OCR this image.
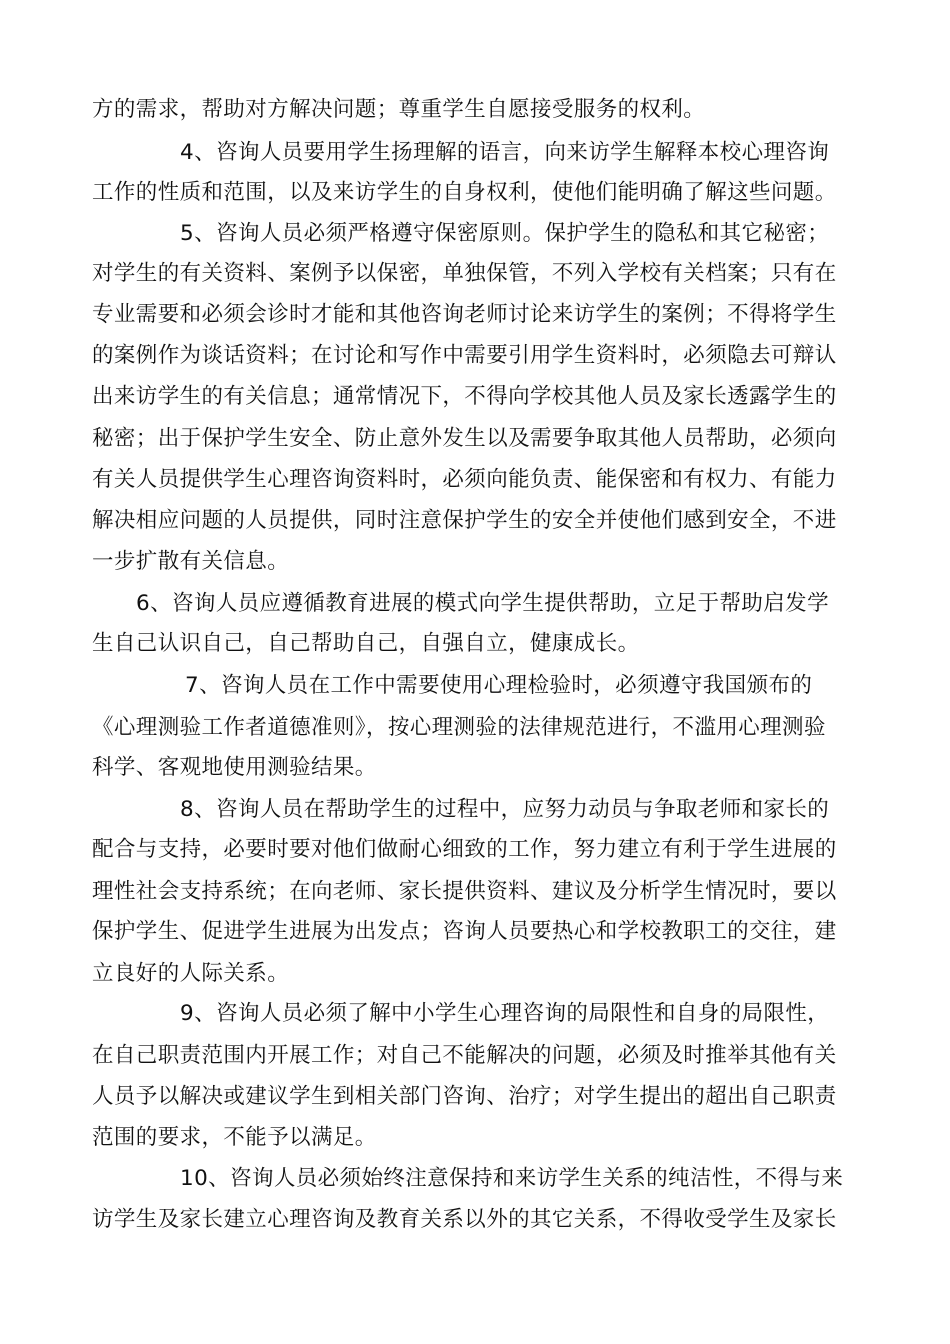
方的需求，帮助对方解决问题；尊重学生自愿接受服务的权利。
4、咨询人员要用学生扬理解的语言，向来访学生解释本校心理咨询
工作的性质和范围，以及来访学生的自身权利，使他们能明确了解这些问题。
5、咨询人员必须严格遵守保密原则。保护学生的隐私和其它秘密；
对学生的有关资料、案例予以保密，单独保管，不列入学校有关档案；只有在
专业需要和必须会诊时才能和其他咨询老师讨论来访学生的案例；不得将学生
的案例作为谈话资料；在讨论和写作中需要引用学生资料时，必须隐去可辩认
出来访学生的有关信息；通常情况下，不得向学校其他人员及家长透露学生的
秘密；出于保护学生安全、防止意外发生以及需要争取其他人员帮助，必须向
有关人员提供学生心理咨询资料时，必须向能负责、能保密和有权力、有能力
解决相应问题的人员提供，同时注意保护学生的安全并使他们感到安全，不进
一步扩散有关信息。
6、咨询人员应遵循教育进展的模式向学生提供帮助，立足于帮助启发学
生自己认识自己，自己帮助自己，自强自立，健康成长。
7、咨询人员在工作中需要使用心理检验时，必须遵守我国颁布的
《心理测验工作者道德准则》，按心理测验的法律规范进行，不滥用心理测验
科学、客观地使用测验结果。
8、咨询人员在帮助学生的过程中，应努力动员与争取老师和家长的
配合与支持，必要时要对他们做耐心细致的工作，努力建立有利于学生进展的
理性社会支持系统；在向老师、家长提供资料、建议及分析学生情况时，要以
保护学生、促进学生进展为出发点；咨询人员要热心和学校教职工的交往，建
立良好的人际关系。
9、咨询人员必须了解中小学生心理咨询的局限性和自身的局限性，
在自己职责范围内开展工作；对自己不能解决的问题，必须及时推举其他有关
人员予以解决或建议学生到相关部门咨询、治疗；对学生提出的超出自己职责
范围的要求，不能予以满足。
10、咨询人员必须始终注意保持和来访学生关系的纯洁性，不得与来
访学生及家长建立心理咨询及教育关系以外的其它关系，不得收受学生及家长
